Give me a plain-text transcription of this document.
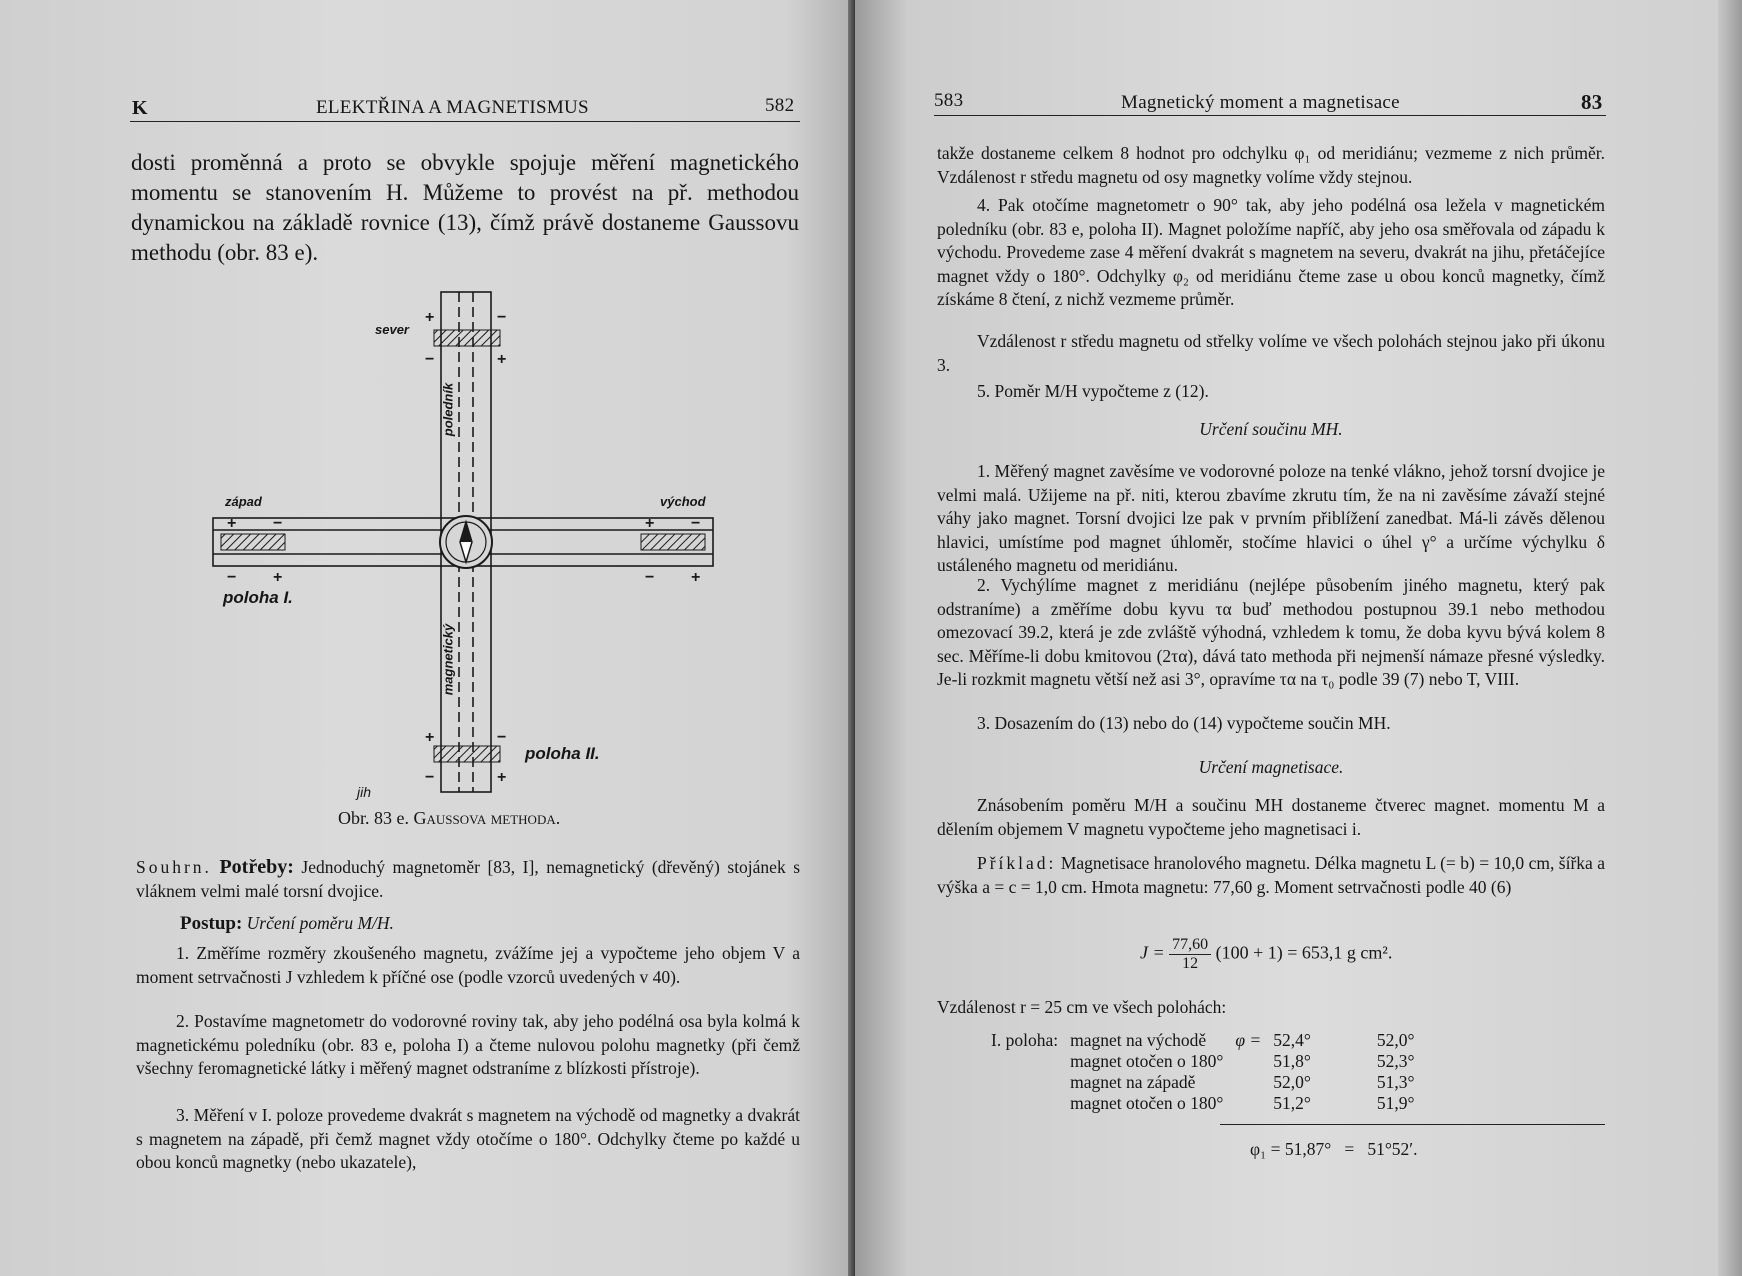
K	ELEKTŘINA A MAGNETISMUS	582
dosti proměnná a proto se obvykle spojuje měření magnetického momentu se stanovením H. Můžeme to provést na př. methodou dynamickou na základě rovnice (13), čímž právě dostaneme Gaussovu methodu (obr. 83 e).
+	−
−	+
+	−
−	+
+ −
− +
+ −
− +
sever
jih
západ	východ
poledník
magnetický
poloha I.
poloha II.
Obr. 83 e. Gaussova methoda.
Souhrn. Potřeby: Jednoduchý magnetoměr [83, I], nemagnetický (dřevěný) stojánek s vláknem velmi malé torsní dvojice.
Postup: Určení poměru M/H.
1. Změříme rozměry zkoušeného magnetu, zvážíme jej a vypočteme jeho objem V a moment setrvačnosti J vzhledem k příčné ose (podle vzorců uvedených v 40).
2. Postavíme magnetometr do vodorovné roviny tak, aby jeho podélná osa byla kolmá k magnetickému poledníku (obr. 83 e, poloha I) a čteme nulovou polohu magnetky (při čemž všechny feromagnetické látky i měřený magnet odstraníme z blízkosti přístroje).
3. Měření v I. poloze provedeme dvakrát s magnetem na východě od magnetky a dvakrát s magnetem na západě, při čemž magnet vždy otočíme o 180°. Odchylky čteme po každé u obou konců magnetky (nebo ukazatele),
583	Magnetický moment a magnetisace	83
takže dostaneme celkem 8 hodnot pro odchylku φ₁ od meridiánu; vezmeme z nich průměr. Vzdálenost r středu magnetu od osy magnetky volíme vždy stejnou.
4. Pak otočíme magnetometr o 90° tak, aby jeho podélná osa ležela v magnetickém poledníku (obr. 83 e, poloha II). Magnet položíme napříč, aby jeho osa směřovala od západu k východu. Provedeme zase 4 měření dvakrát s magnetem na severu, dvakrát na jihu, přetáčejíce magnet vždy o 180°. Odchylky φ₂ od meridiánu čteme zase u obou konců magnetky, čímž získáme 8 čtení, z nichž vezmeme průměr.
Vzdálenost r středu magnetu od střelky volíme ve všech polohách stejnou jako při úkonu 3.
5. Poměr M/H vypočteme z (12).
Určení součinu MH.
1. Měřený magnet zavěsíme ve vodorovné poloze na tenké vlákno, jehož torsní dvojice je velmi malá. Užijeme na př. niti, kterou zbavíme zkrutu tím, že na ni zavěsíme závaží stejné váhy jako magnet. Torsní dvojici lze pak v prvním přiblížení zanedbat. Má-li závěs dělenou hlavici, umístíme pod magnet úhloměr, stočíme hlavici o úhel γ° a určíme výchylku δ ustáleného magnetu od meridiánu.
2. Vychýlíme magnet z meridiánu (nejlépe působením jiného magnetu, který pak odstraníme) a změříme dobu kyvu τα buď methodou postupnou 39.1 nebo methodou omezovací 39.2, která je zde zvláště výhodná, vzhledem k tomu, že doba kyvu bývá kolem 8 sec. Měříme-li dobu kmitovou (2τα), dává tato methoda při nejmenší námaze přesné výsledky. Je-li rozkmit magnetu větší než asi 3°, opravíme τα na τ₀ podle 39 (7) nebo T, VIII.
3. Dosazením do (13) nebo do (14) vypočteme součin MH.
Určení magnetisace.
Znásobením poměru M/H a součinu MH dostaneme čtverec magnet. momentu M a dělením objemem V magnetu vypočteme jeho magnetisaci i.
Příklad: Magnetisace hranolového magnetu. Délka magnetu L (= b) = 10,0 cm, šířka a výška a = c = 1,0 cm. Hmota magnetu: 77,60 g. Moment setrvačnosti podle 40 (6)
$J = \frac{77,60}{12} (100 + 1) = 653,1$ g cm².
Vzdálenost r = 25 cm ve všech polohách:
I. poloha:	magnet na východě	φ =	52,4°	52,0°
	magnet otočen o 180°		51,8°	52,3°
	magnet na západě		52,0°	51,3°
	magnet otočen o 180°		51,2°	51,9°
φ₁ = 51,87°   =   51°52′.
